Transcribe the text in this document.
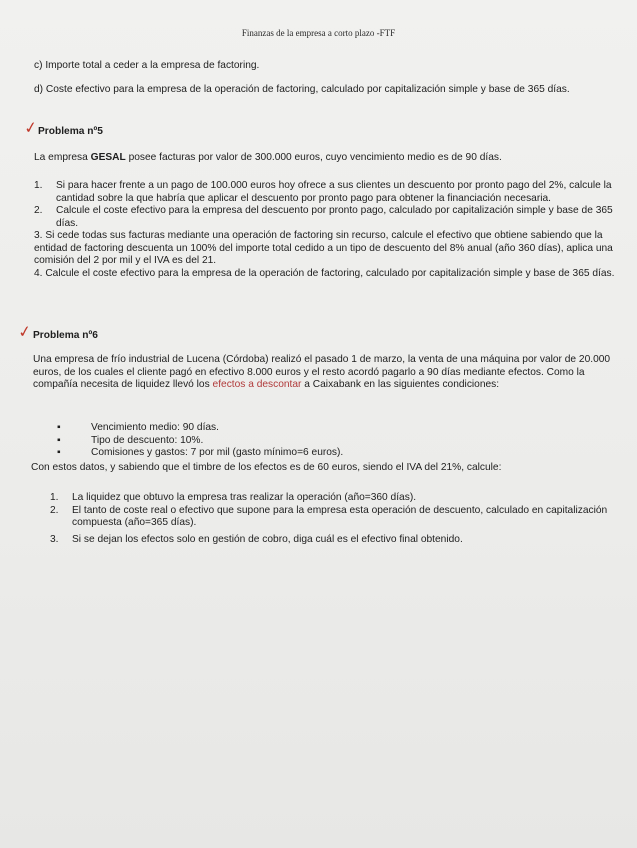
Finanzas de la empresa a corto plazo -FTF
c) Importe total a ceder a la empresa de factoring.
d) Coste efectivo para la empresa de la operación de factoring, calculado por capitalización simple y base de 365 días.
✓ Problema nº5
La empresa GESAL posee facturas por valor de 300.000 euros, cuyo vencimiento medio es de 90 días.
1.	Si para hacer frente a un pago de 100.000 euros hoy ofrece a sus clientes un descuento por pronto pago del 2%, calcule la cantidad sobre la que habría que aplicar el descuento por pronto pago para obtener la financiación necesaria.
2.	Calcule el coste efectivo para la empresa del descuento por pronto pago, calculado por capitalización simple y base de 365 días.
3. Si cede todas sus facturas mediante una operación de factoring sin recurso, calcule el efectivo que obtiene sabiendo que la entidad de factoring descuenta un 100% del importe total cedido a un tipo de descuento del 8% anual (año 360 días), aplica una comisión del 2 por mil y el IVA es del 21.
4. Calcule el coste efectivo para la empresa de la operación de factoring, calculado por capitalización simple y base de 365 días.
✓ Problema nº6
Una empresa de frío industrial de Lucena (Córdoba) realizó el pasado 1 de marzo, la venta de una máquina por valor de 20.000 euros, de los cuales el cliente pagó en efectivo 8.000 euros y el resto acordó pagarlo a 90 días mediante efectos. Como la compañía necesita de liquidez llevó los efectos a descontar a Caixabank en las siguientes condiciones:
▪	Vencimiento medio: 90 días.
▪	Tipo de descuento: 10%.
▪	Comisiones y gastos: 7 por mil (gasto mínimo=6 euros).
Con estos datos, y sabiendo que el timbre de los efectos es de 60 euros, siendo el IVA del 21%, calcule:
1.	La liquidez que obtuvo la empresa tras realizar la operación (año=360 días).
2.	El tanto de coste real o efectivo que supone para la empresa esta operación de descuento, calculado en capitalización compuesta (año=365 días).
3.	Si se dejan los efectos solo en gestión de cobro, diga cuál es el efectivo final obtenido.
